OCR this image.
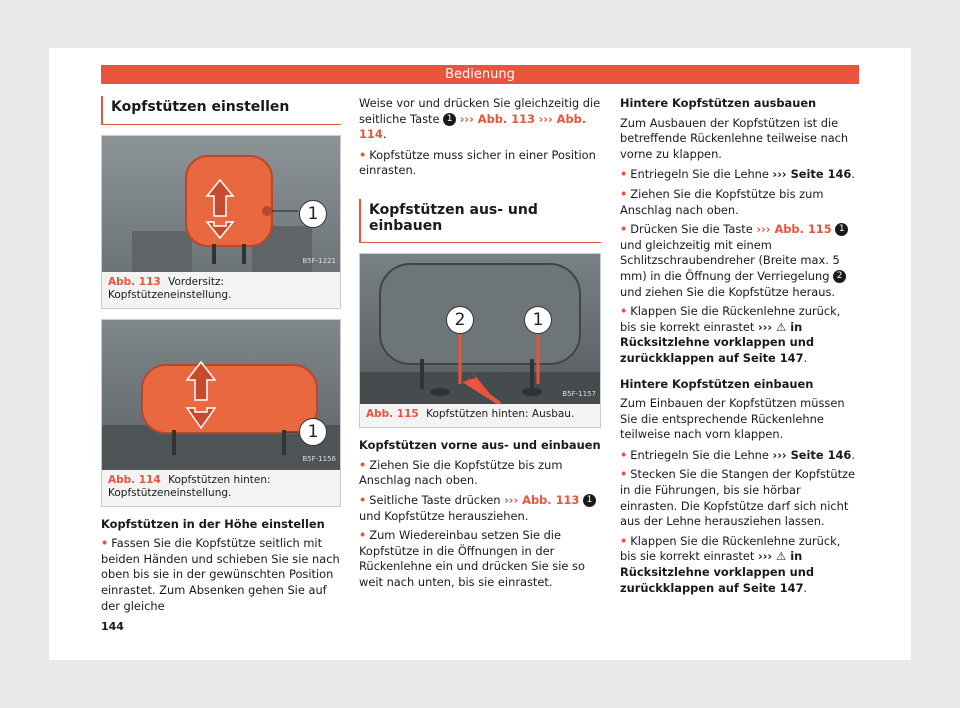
Bedienung
Kopfstützen einstellen
1
B5F-1221
Abb. 113 Vordersitz: Kopfstützeneinstellung.
1
B5F-1156
Abb. 114 Kopfstützen hinten: Kopfstützeneinstellung.
Kopfstützen in der Höhe einstellen
• Fassen Sie die Kopfstütze seitlich mit beiden Händen und schieben Sie sie nach oben bis sie in der gewünschten Position einrastet. Zum Absenken gehen Sie auf der gleiche

Weise vor und drücken Sie gleichzeitig die seitliche Taste 1 ››› Abb. 113 ››› Abb. 114.

• Kopfstütze muss sicher in einer Position einrasten.
Kopfstützen aus- und einbauen
2	1
B5F-1157
Abb. 115 Kopfstützen hinten: Ausbau.
Kopfstützen vorne aus- und einbauen
• Ziehen Sie die Kopfstütze bis zum Anschlag nach oben.
• Seitliche Taste drücken ››› Abb. 113 1 und Kopfstütze herausziehen.
• Zum Wiedereinbau setzen Sie die Kopfstütze in die Öffnungen in der Rückenlehne ein und drücken Sie sie so weit nach unten, bis sie einrastet.
Hintere Kopfstützen ausbauen

Zum Ausbauen der Kopfstützen ist die betreffende Rückenlehne teilweise nach vorne zu klappen.

• Entriegeln Sie die Lehne ››› Seite 146.
• Ziehen Sie die Kopfstütze bis zum Anschlag nach oben.
• Drücken Sie die Taste ››› Abb. 115 1 und gleichzeitig mit einem Schlitzschraubendreher (Breite max. 5 mm) in die Öffnung der Verriegelung 2 und ziehen Sie die Kopfstütze heraus.
• Klappen Sie die Rückenlehne zurück, bis sie korrekt einrastet ››› ⚠ in Rücksitzlehne vorklappen und zurückklappen auf Seite 147.
Hintere Kopfstützen einbauen

Zum Einbauen der Kopfstützen müssen Sie die entsprechende Rückenlehne teilweise nach vorn klappen.

• Entriegeln Sie die Lehne ››› Seite 146.
• Stecken Sie die Stangen der Kopfstütze in die Führungen, bis sie hörbar einrasten. Die Kopfstütze darf sich nicht aus der Lehne herausziehen lassen.
• Klappen Sie die Rückenlehne zurück, bis sie korrekt einrastet ››› ⚠ in Rücksitzlehne vorklappen und zurückklappen auf Seite 147.
144
